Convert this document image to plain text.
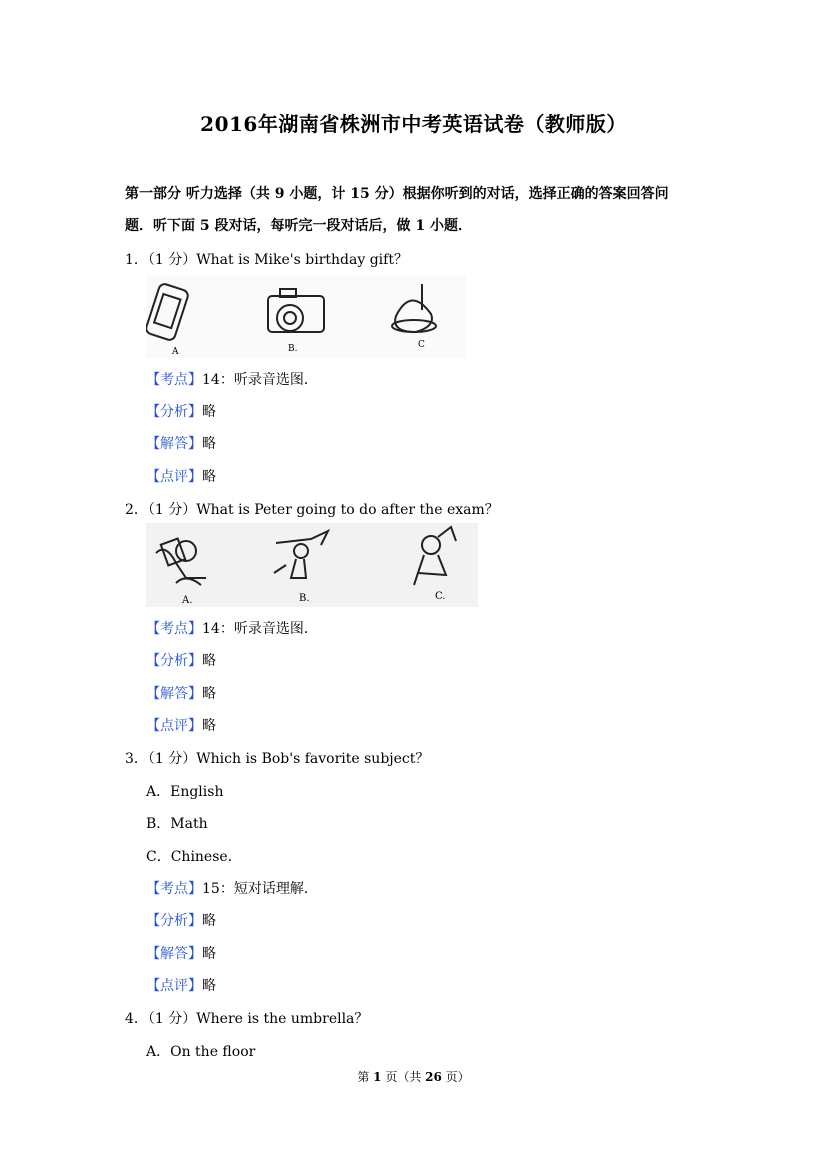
2016年湖南省株洲市中考英语试卷（教师版）
第一部分 听力选择（共 9 小题，计 15 分）根据你听到的对话，选择正确的答案回答问
题．听下面 5 段对话，每听完一段对话后，做 1 小题．
1．（1 分）What is Mike's birthday gift？
A	B.	C
【考点】14：听录音选图．
【分析】略
【解答】略
【点评】略
2．（1 分）What is Peter going to do after the exam？
A.	B.	C.
【考点】14：听录音选图．
【分析】略
【解答】略
【点评】略
3．（1 分）Which is Bob's favorite subject？
A．English
B．Math
C．Chinese．
【考点】15：短对话理解．
【分析】略
【解答】略
【点评】略
4．（1 分）Where is the umbrella？
A．On the floor
第 1 页（共 26 页）
